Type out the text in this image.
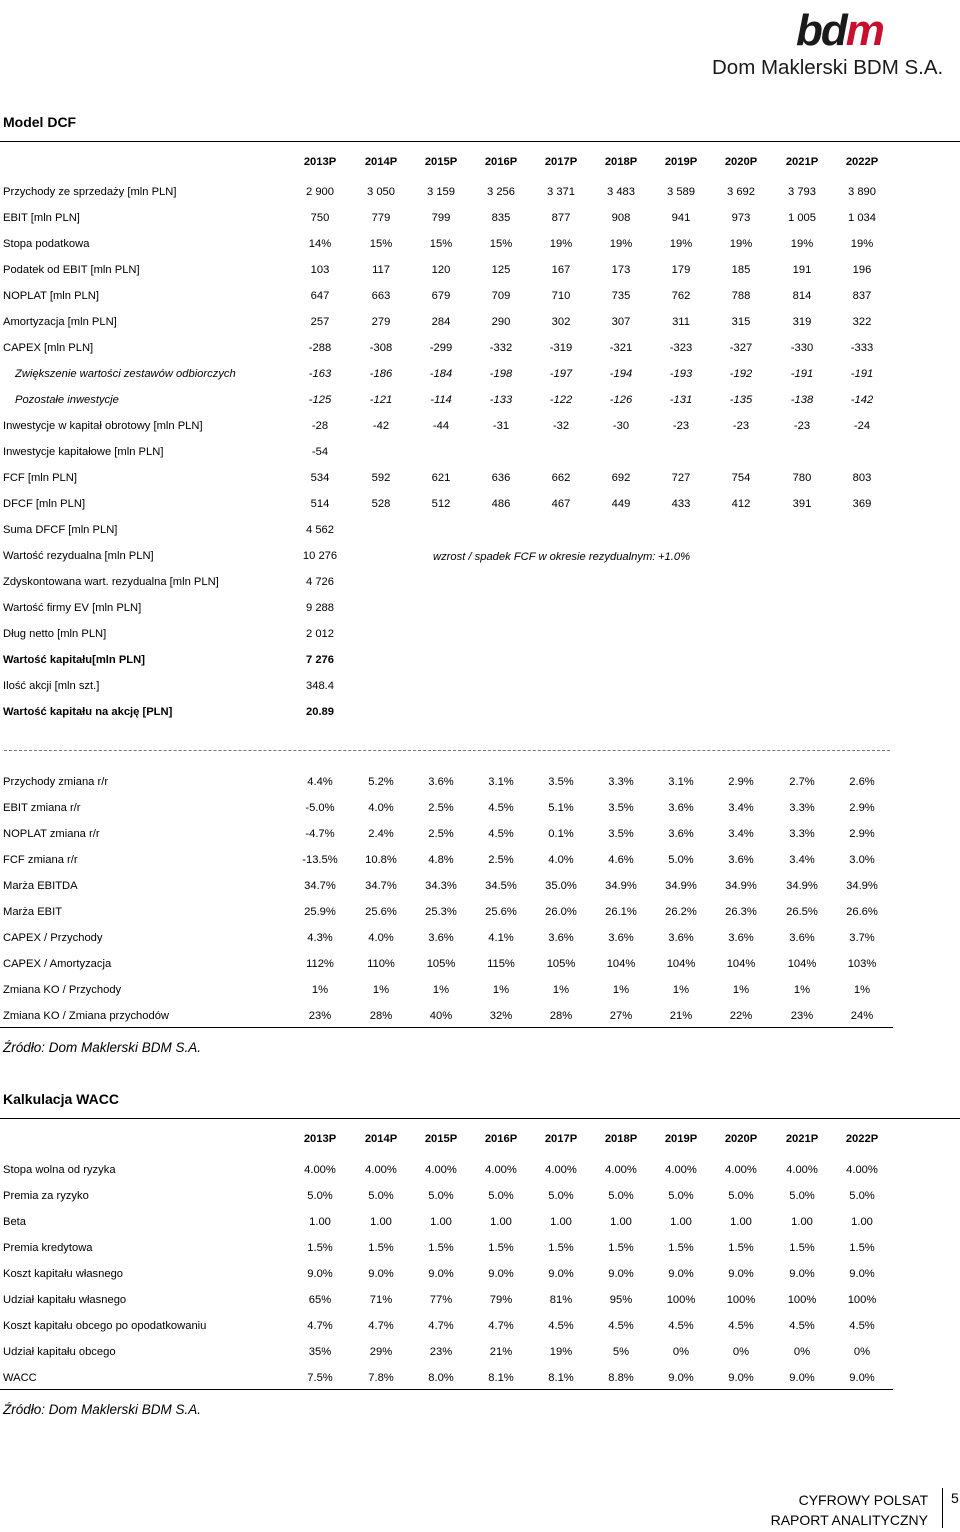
bdm
Dom Maklerski BDM S.A.
Model DCF
2013P	2014P	2015P	2016P	2017P	2018P	2019P	2020P	2021P	2022P
Przychody ze sprzedaży [mln PLN]	2 900	3 050	3 159	3 256	3 371	3 483	3 589	3 692	3 793	3 890
EBIT [mln PLN]	750	779	799	835	877	908	941	973	1 005	1 034
Stopa podatkowa	14%	15%	15%	15%	19%	19%	19%	19%	19%	19%
Podatek od EBIT [mln PLN]	103	117	120	125	167	173	179	185	191	196
NOPLAT [mln PLN]	647	663	679	709	710	735	762	788	814	837
Amortyzacja [mln PLN]	257	279	284	290	302	307	311	315	319	322
CAPEX [mln PLN]	-288	-308	-299	-332	-319	-321	-323	-327	-330	-333
Zwiększenie wartości zestawów odbiorczych	-163	-186	-184	-198	-197	-194	-193	-192	-191	-191
Pozostałe inwestycje	-125	-121	-114	-133	-122	-126	-131	-135	-138	-142
Inwestycje w kapitał obrotowy [mln PLN]	-28	-42	-44	-31	-32	-30	-23	-23	-23	-24
Inwestycje kapitałowe [mln PLN]	-54
FCF [mln PLN]	534	592	621	636	662	692	727	754	780	803
DFCF [mln PLN]	514	528	512	486	467	449	433	412	391	369
Suma DFCF [mln PLN]	4 562
Wartość rezydualna [mln PLN]	10 276
Zdyskontowana wart. rezydualna [mln PLN]	4 726
Wartość firmy EV [mln PLN]	9 288
Dług netto [mln PLN]	2 012
Wartość kapitału[mln PLN]	7 276
Ilość akcji [mln szt.]	348.4
Wartość kapitału na akcję [PLN]	20.89
wzrost / spadek FCF w okresie rezydualnym: +1.0%
Przychody zmiana r/r	4.4%	5.2%	3.6%	3.1%	3.5%	3.3%	3.1%	2.9%	2.7%	2.6%
EBIT zmiana r/r	-5.0%	4.0%	2.5%	4.5%	5.1%	3.5%	3.6%	3.4%	3.3%	2.9%
NOPLAT zmiana r/r	-4.7%	2.4%	2.5%	4.5%	0.1%	3.5%	3.6%	3.4%	3.3%	2.9%
FCF zmiana r/r	-13.5%	10.8%	4.8%	2.5%	4.0%	4.6%	5.0%	3.6%	3.4%	3.0%
Marża EBITDA	34.7%	34.7%	34.3%	34.5%	35.0%	34.9%	34.9%	34.9%	34.9%	34.9%
Marża EBIT	25.9%	25.6%	25.3%	25.6%	26.0%	26.1%	26.2%	26.3%	26.5%	26.6%
CAPEX / Przychody	4.3%	4.0%	3.6%	4.1%	3.6%	3.6%	3.6%	3.6%	3.6%	3.7%
CAPEX / Amortyzacja	112%	110%	105%	115%	105%	104%	104%	104%	104%	103%
Zmiana KO / Przychody	1%	1%	1%	1%	1%	1%	1%	1%	1%	1%
Zmiana KO / Zmiana przychodów	23%	28%	40%	32%	28%	27%	21%	22%	23%	24%
Źródło: Dom Maklerski BDM S.A.
Kalkulacja WACC
2013P	2014P	2015P	2016P	2017P	2018P	2019P	2020P	2021P	2022P
Stopa wolna od ryzyka	4.00%	4.00%	4.00%	4.00%	4.00%	4.00%	4.00%	4.00%	4.00%	4.00%
Premia za ryzyko	5.0%	5.0%	5.0%	5.0%	5.0%	5.0%	5.0%	5.0%	5.0%	5.0%
Beta	1.00	1.00	1.00	1.00	1.00	1.00	1.00	1.00	1.00	1.00
Premia kredytowa	1.5%	1.5%	1.5%	1.5%	1.5%	1.5%	1.5%	1.5%	1.5%	1.5%
Koszt kapitału własnego	9.0%	9.0%	9.0%	9.0%	9.0%	9.0%	9.0%	9.0%	9.0%	9.0%
Udział kapitału własnego	65%	71%	77%	79%	81%	95%	100%	100%	100%	100%
Koszt kapitału obcego po opodatkowaniu	4.7%	4.7%	4.7%	4.7%	4.5%	4.5%	4.5%	4.5%	4.5%	4.5%
Udział kapitału obcego	35%	29%	23%	21%	19%	5%	0%	0%	0%	0%
WACC	7.5%	7.8%	8.0%	8.1%	8.1%	8.8%	9.0%	9.0%	9.0%	9.0%
Źródło: Dom Maklerski BDM S.A.
CYFROWY POLSAT
RAPORT ANALITYCZNY
5
